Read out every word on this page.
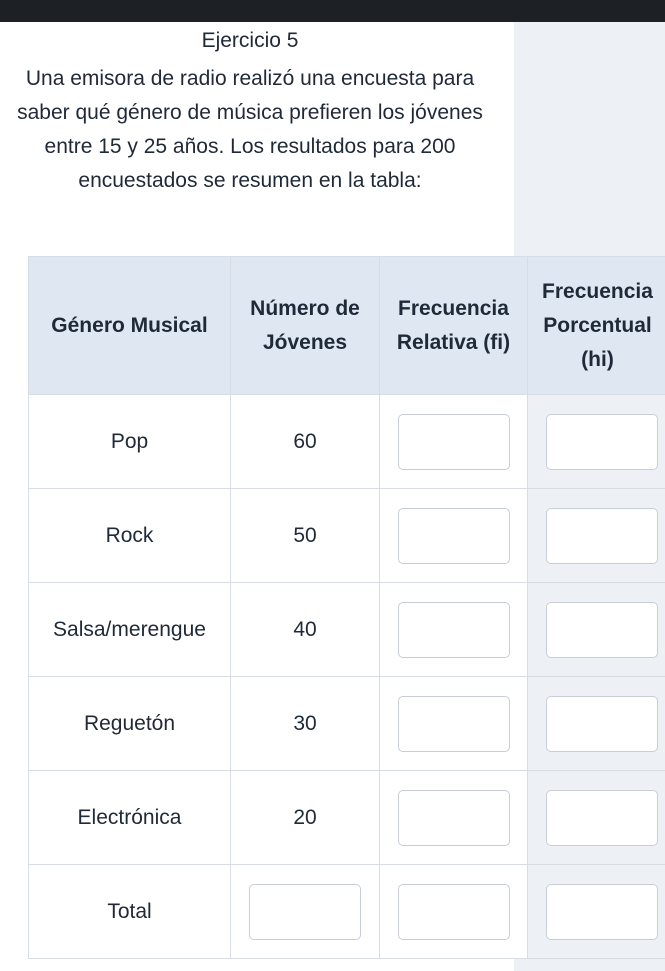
Ejercicio 5
Una emisora de radio realizó una encuesta para saber qué género de música prefieren los jóvenes entre 15 y 25 años. Los resultados para 200 encuestados se resumen en la tabla:
Género Musical	Número de Jóvenes	Frecuencia Relativa (fi)	Frecuencia Porcentual (hi)
Pop	60	

Rock	50	

Salsa/merengue	40	

Reguetón	30	

Electrónica	20	

Total	
